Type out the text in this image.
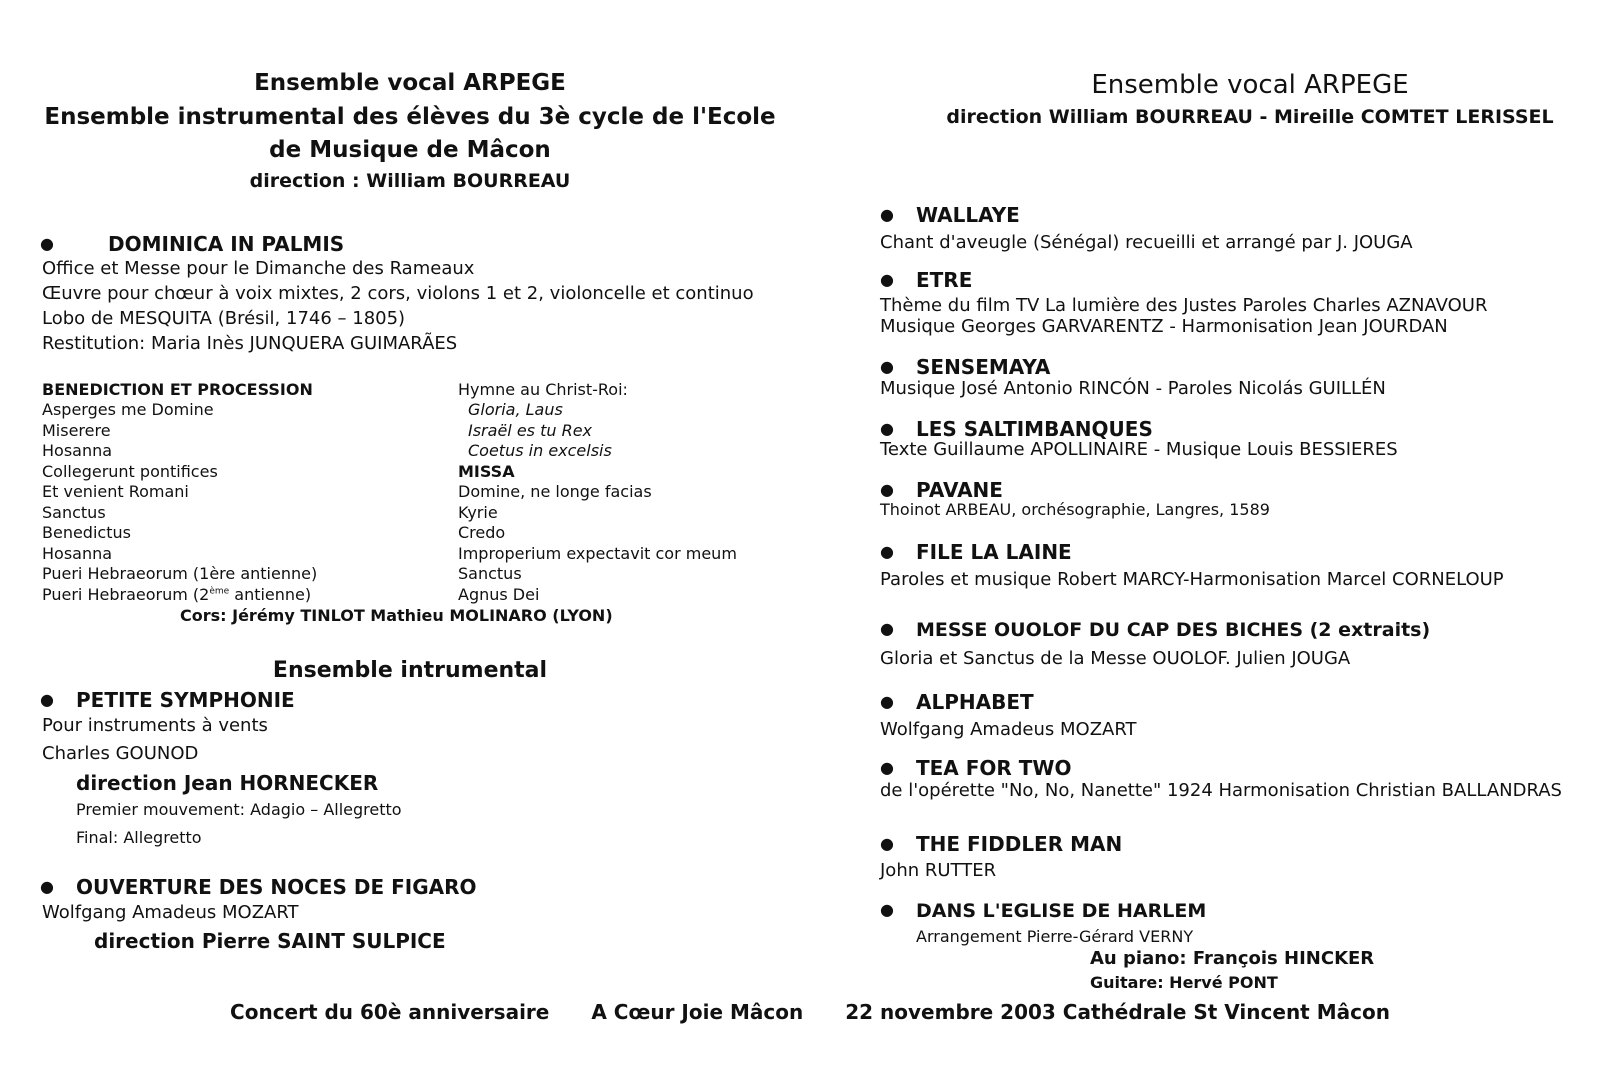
Ensemble vocal ARPEGE
Ensemble instrumental des élèves du 3è cycle de l'Ecole
de Musique de Mâcon
direction : William BOURREAU
●	DOMINICA IN PALMIS
Office et Messe pour le Dimanche des Rameaux
Œuvre pour chœur à voix mixtes, 2 cors, violons 1 et 2, violoncelle et continuo
Lobo de MESQUITA (Brésil, 1746 – 1805)
Restitution: Maria Inès JUNQUERA GUIMARÃES
BENEDICTION ET PROCESSION
Asperges me Domine
Miserere
Hosanna
Collegerunt pontifices
Et venient Romani
Sanctus
Benedictus
Hosanna
Pueri Hebraeorum (1ère antienne)
Pueri Hebraeorum (2ème antienne)
Hymne au Christ-Roi:
Gloria, Laus
Israël es tu Rex
Coetus in excelsis
MISSA
Domine, ne longe facias
Kyrie
Credo
Improperium expectavit cor meum
Sanctus
Agnus Dei
Cors: Jérémy TINLOT Mathieu MOLINARO (LYON)
Ensemble intrumental
● PETITE SYMPHONIE
Pour instruments à vents
Charles GOUNOD
direction Jean HORNECKER
Premier mouvement: Adagio – Allegretto
Final: Allegretto
● OUVERTURE DES NOCES DE FIGARO
Wolfgang Amadeus MOZART
direction Pierre SAINT SULPICE
Ensemble vocal ARPEGE
direction William BOURREAU - Mireille COMTET LERISSEL
● WALLAYE
Chant d'aveugle (Sénégal) recueilli et arrangé par J. JOUGA
● ETRE
Thème du film TV La lumière des Justes Paroles Charles AZNAVOUR
Musique Georges GARVARENTZ - Harmonisation Jean JOURDAN
● SENSEMAYA
Musique José Antonio RINCÓN - Paroles Nicolás GUILLÉN
● LES SALTIMBANQUES
Texte Guillaume APOLLINAIRE - Musique Louis BESSIERES
● PAVANE
Thoinot ARBEAU, orchésographie, Langres, 1589
● FILE LA LAINE
Paroles et musique Robert MARCY-Harmonisation Marcel CORNELOUP
● MESSE OUOLOF DU CAP DES BICHES (2 extraits)
Gloria et Sanctus de la Messe OUOLOF. Julien JOUGA
● ALPHABET
Wolfgang Amadeus MOZART
● TEA FOR TWO
de l'opérette "No, No, Nanette" 1924 Harmonisation Christian BALLANDRAS
● THE FIDDLER MAN
John RUTTER
● DANS L'EGLISE DE HARLEM
Arrangement Pierre-Gérard VERNY
Au piano: François HINCKER
Guitare: Hervé PONT
Concert du 60è anniversaire A Cœur Joie Mâcon 22 novembre 2003 Cathédrale St Vincent Mâcon
